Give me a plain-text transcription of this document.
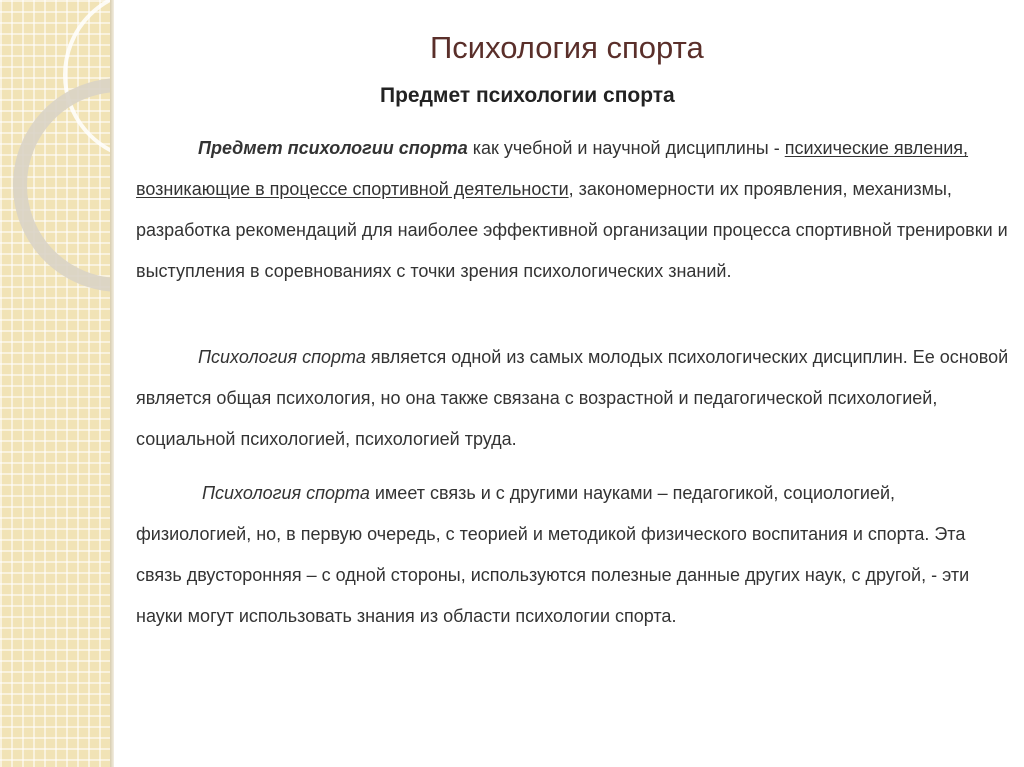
Психология спорта
Предмет психологии спорта

Предмет психологии спорта как учебной и научной дисциплины - психические явления, возникающие в процессе спортивной деятельности, закономерности их проявления, механизмы, разработка рекомендаций для наиболее эффективной организации процесса спортивной тренировки и выступления в соревнованиях с точки зрения психологических знаний.

Психология спорта является одной из самых молодых психологических дисциплин. Ее основой является общая психология, но она также связана с возрастной и педагогической психологией, социальной психологией, психологией труда.

Психология спорта имеет связь и с другими науками – педагогикой, социологией, физиологией, но, в первую очередь, с теорией и методикой физического воспитания и спорта. Эта связь двусторонняя – с одной стороны, используются полезные данные других наук, с другой, - эти науки могут использовать знания из области психологии спорта.
